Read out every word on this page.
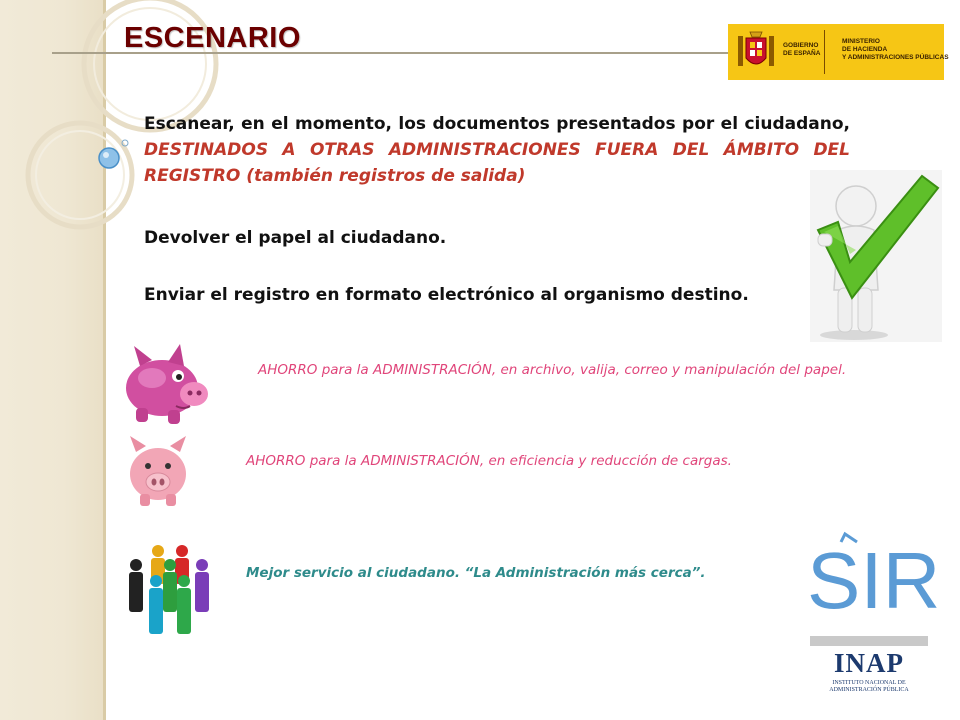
ESCENARIO	GOBIERNO
DE ESPAÑA
MINISTERIO
DE HACIENDA
Y ADMINISTRACIONES PÚBLICAS

Escanear, en el momento, los documentos presentados por el ciudadano, DESTINADOS A OTRAS ADMINISTRACIONES FUERA DEL ÁMBITO DEL REGISTRO (también registros de salida)

Devolver el papel al ciudadano.
Enviar el registro en formato electrónico al organismo destino.
AHORRO para la ADMINISTRACIÓN, en archivo, valija, correo y manipulación del papel.
AHORRO para la ADMINISTRACIÓN, en eficiencia y reducción de cargas.
Mejor servicio al ciudadano. “La Administración más cerca”. SIR
INAP
INSTITUTO NACIONAL DE
ADMINISTRACIÓN PÚBLICA
